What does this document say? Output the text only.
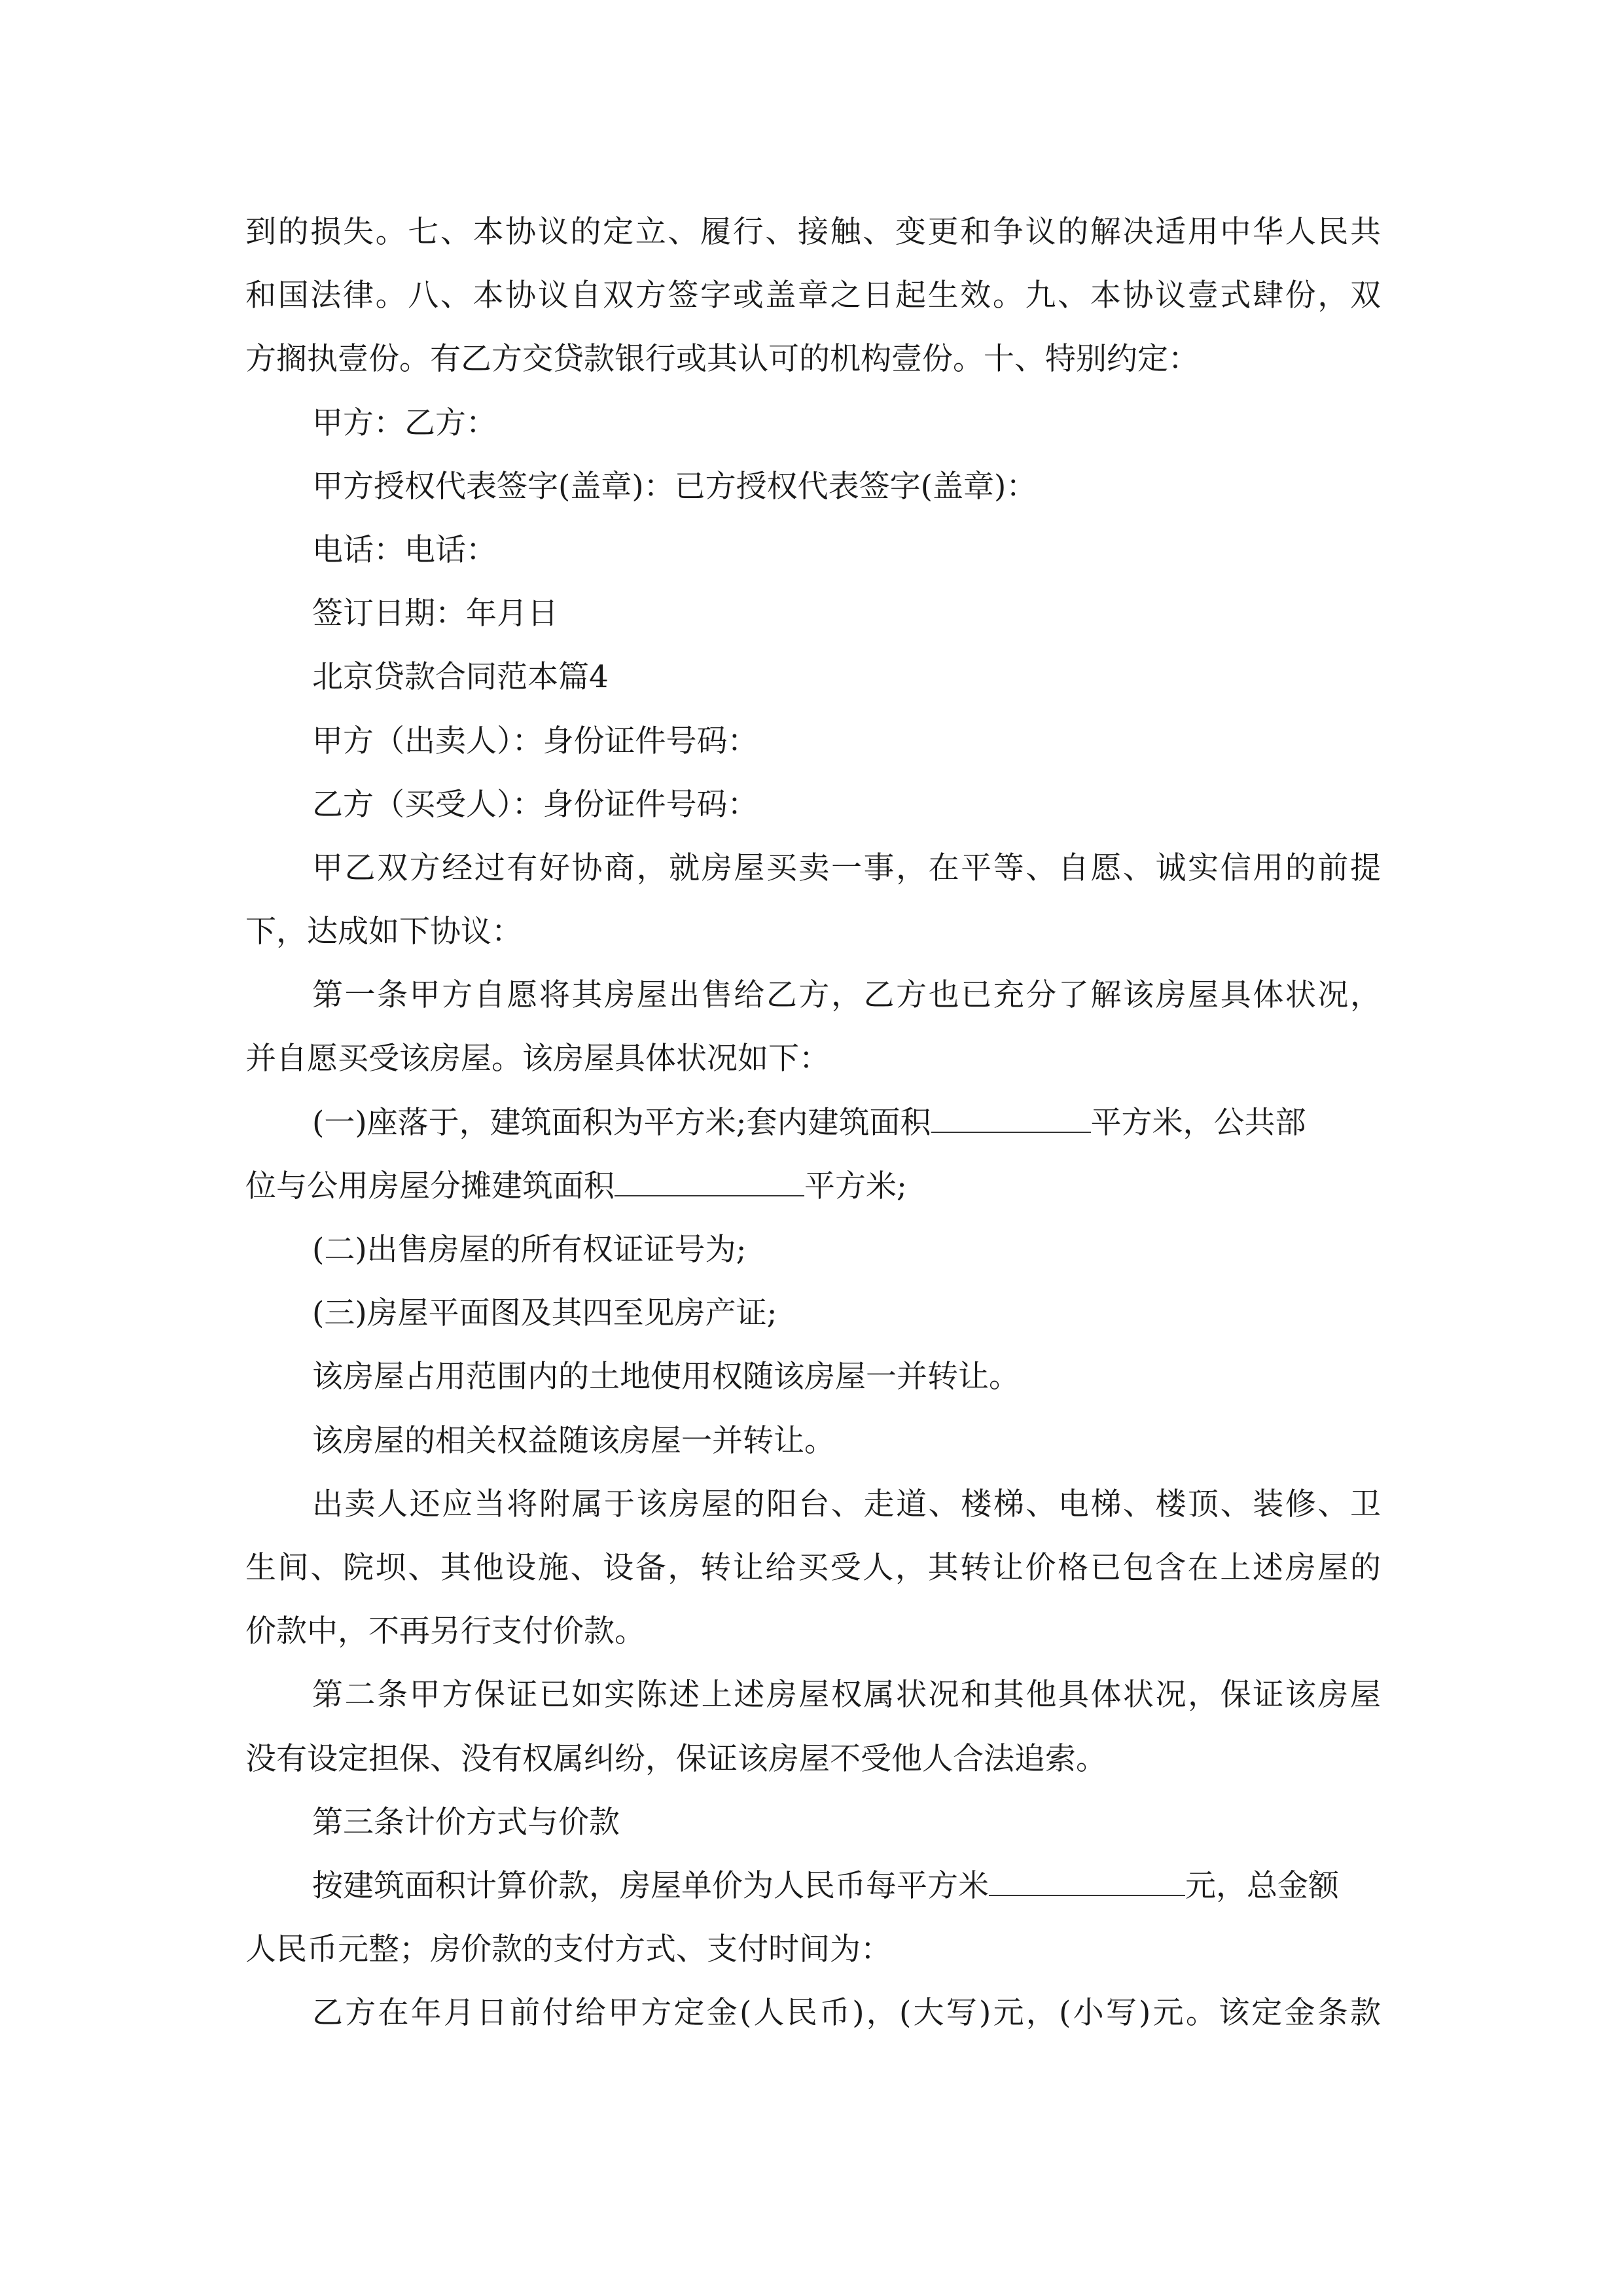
到的损失。七、本协议的定立、履行、接触、变更和争议的解决适用中华人民共
和国法律。八、本协议自双方签字或盖章之日起生效。九、本协议壹式肆份，双
方搁执壹份。有乙方交贷款银行或其认可的机构壹份。十、特别约定：
甲方：乙方：
甲方授权代表签字(盖章)：已方授权代表签字(盖章)：
电话：电话：
签订日期：年月日
北京贷款合同范本篇4
甲方（出卖人）：身份证件号码：
乙方（买受人）：身份证件号码：
甲乙双方经过有好协商，就房屋买卖一事，在平等、自愿、诚实信用的前提
下，达成如下协议：
第一条甲方自愿将其房屋出售给乙方，乙方也已充分了解该房屋具体状况，
并自愿买受该房屋。该房屋具体状况如下：
(一)座落于，建筑面积为平方米;套内建筑面积	平方米，公共部
位与公用房屋分摊建筑面积	平方米;
(二)出售房屋的所有权证证号为;
(三)房屋平面图及其四至见房产证;
该房屋占用范围内的土地使用权随该房屋一并转让。
该房屋的相关权益随该房屋一并转让。
出卖人还应当将附属于该房屋的阳台、走道、楼梯、电梯、楼顶、装修、卫
生间、院坝、其他设施、设备，转让给买受人，其转让价格已包含在上述房屋的
价款中，不再另行支付价款。
第二条甲方保证已如实陈述上述房屋权属状况和其他具体状况，保证该房屋
没有设定担保、没有权属纠纷，保证该房屋不受他人合法追索。
第三条计价方式与价款
按建筑面积计算价款，房屋单价为人民币每平方米	元，总金额
人民币元整；房价款的支付方式、支付时间为：
乙方在年月日前付给甲方定金(人民币)，(大写)元，(小写)元。该定金条款
